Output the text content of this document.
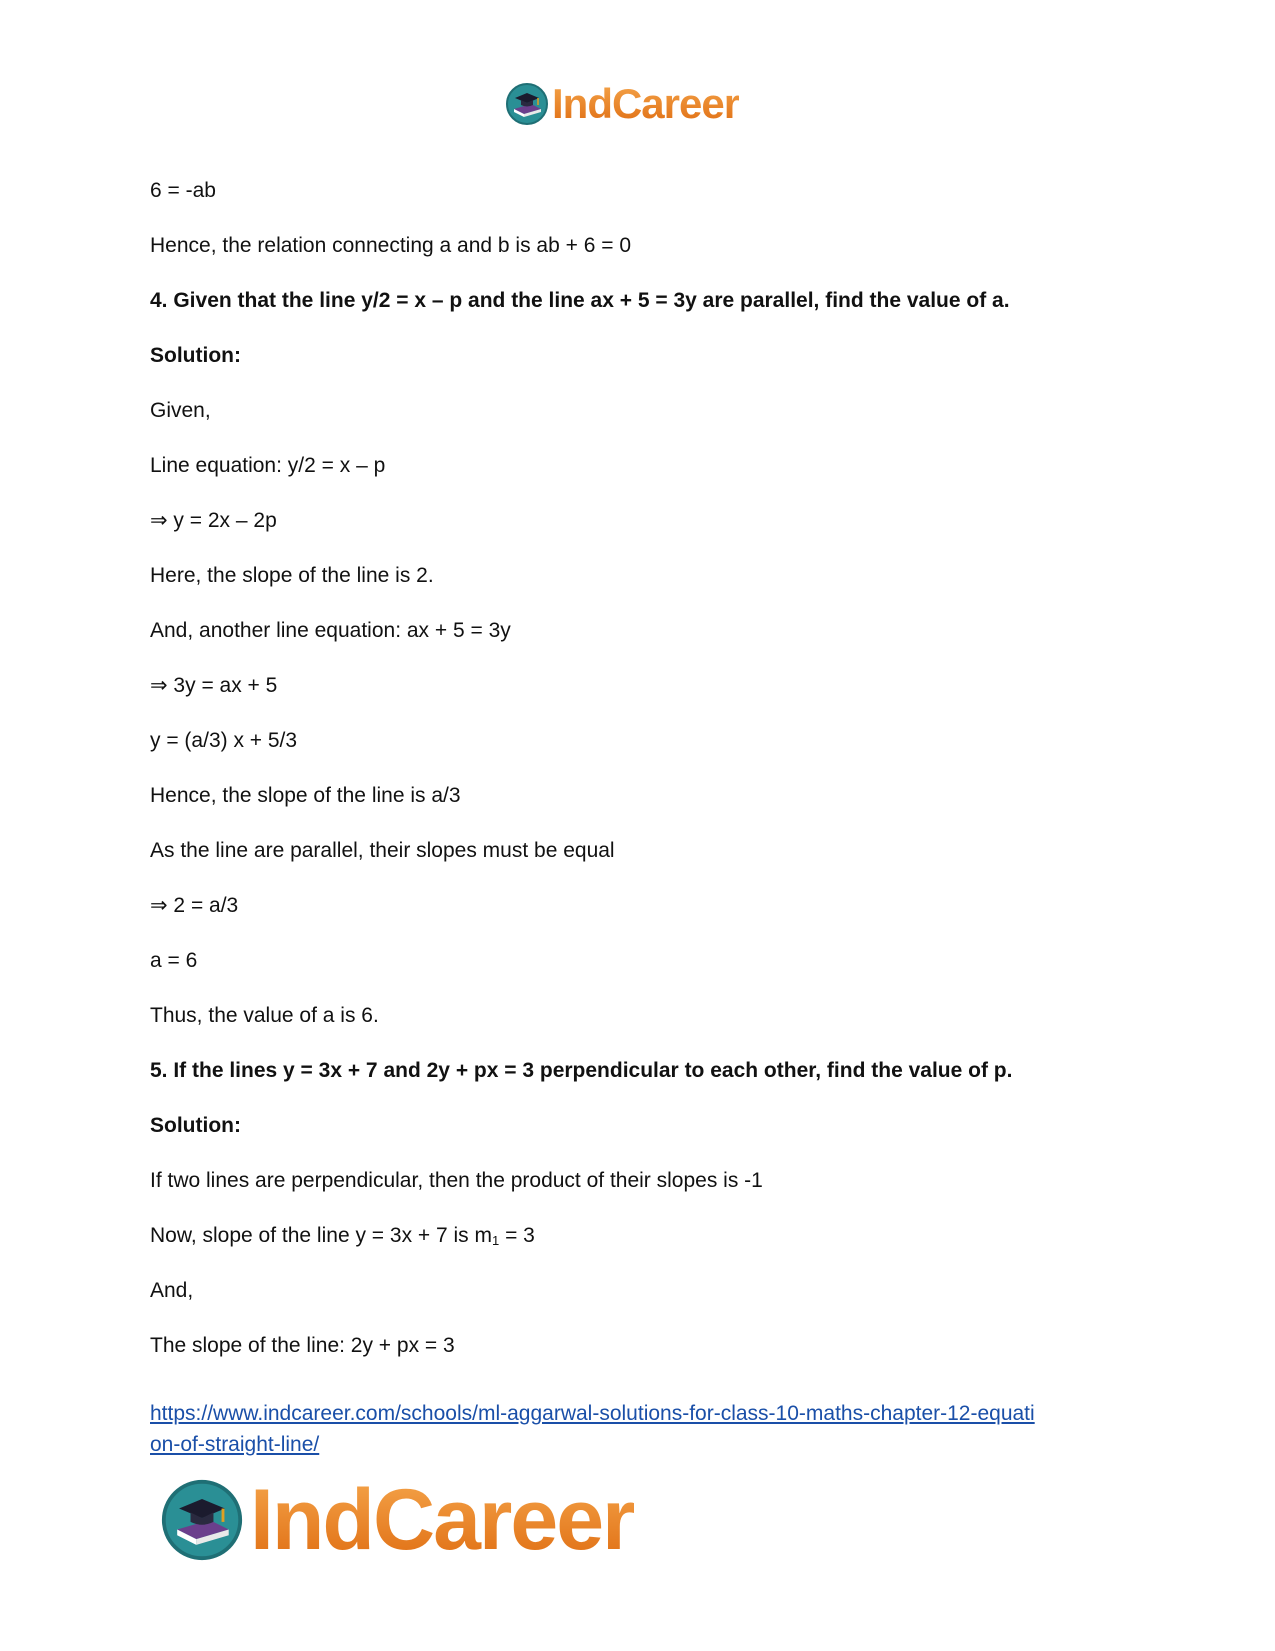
IndCareer
6 = -ab
Hence, the relation connecting a and b is ab + 6 = 0
4. Given that the line y/2 = x – p and the line ax + 5 = 3y are parallel, find the value of a.
Solution:
Given,
Line equation: y/2 = x – p
⇒ y = 2x – 2p
Here, the slope of the line is 2.
And, another line equation: ax + 5 = 3y
⇒ 3y = ax + 5
y = (a/3) x + 5/3
Hence, the slope of the line is a/3
As the line are parallel, their slopes must be equal
⇒ 2 = a/3
a = 6
Thus, the value of a is 6.
5. If the lines y = 3x + 7 and 2y + px = 3 perpendicular to each other, find the value of p.
Solution:
If two lines are perpendicular, then the product of their slopes is -1
Now, slope of the line y = 3x + 7 is $m_1 = 3$
And,
The slope of the line: 2y + px = 3
https://www.indcareer.com/schools/ml-aggarwal-solutions-for-class-10-maths-chapter-12-equati
on-of-straight-line/
IndCareer
